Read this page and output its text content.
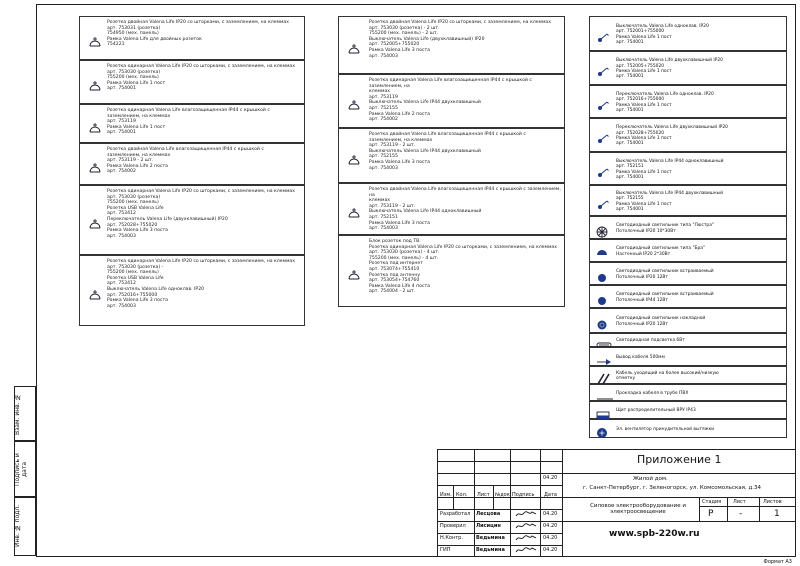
Взам. инв. №
Подпись и дата
Инв. № подл.
Розетка двойная Valena Life IP20 со шторками, с заземлением, на клеммах
арт. 753031 (розетка)
754950 (мех. панель)
Рамка Valena Life для двойных розеток
754221
Розетка одинарная Valena Life IP20 со шторками, с заземлением, на клеммах
арт. 753030 (розетка)
755200 (мех. панель)
Рамка Valena Life 1 пост
арт. 754001
Розетка одинарная Valena Life влагозащищенная IP44 с крышкой с
заземлением, на клеммах
арт. 753119
Рамка Valena Life 1 пост
арт. 754001
Розетка двойная Valena Life влагозащищенная IP44 с крышкой с
заземлением, на клеммах
арт. 753119 - 2 шт.
Рамка Valena Life 2 поста
арт. 754002
Розетка одинарная Valena Life IP20 со шторками, с заземлением, на клеммах
арт. 753030 (розетка)
755200 (мех. панель)
Розетка USB Valena Life
арт. 753412
Переключатель Valena Life (двухклавишный) IP20
арт. 752028+755020
Рамка Valena Life 3 поста
арт. 754003
Розетка одинарная Valena Life IP20 со шторками, с заземлением, на клеммах
арт. 753030 (розетка) -
755200 (мех. панель)
Розетка USB Valena Life
арт. 753412
Выключатель Valena Life одноклав. IP20
арт. 752016+755000
Рамка Valena Life 3 поста
арт. 754003
Розетка двойная Valena Life IP20 со шторками, с заземлением, на клеммах
арт. 753030 (розетка) - 2 шт.
755200 (мех. панель) - 2 шт.
Выключатель Valena Life (двухклавишный) IP20
арт. 752005+755020
Рамка Valena Life 3 поста
арт. 754003
Розетка одинарная Valena Life влагозащищенная IP44 с крышкой с заземлением, на
клеммах
арт. 753119
Выключатель Valena Life IP44 двухклавишный
арт. 752155
Рамка Valena Life 2 поста
арт. 754002
Розетка двойная Valena Life влагозащищенная IP44 с крышкой с
заземлением, на клеммах
арт. 753119 - 2 шт.
Выключатель Valena Life IP44 двухклавишный
арт. 752155
Рамка Valena Life 3 поста
арт. 754003
Розетка двойная Valena Life влагозащищенная IP44 с крышкой с заземлением, на
клеммах
арт. 753119 - 2 шт.
Выключатель Valena Life IP44 одноклавишный
арт. 752151
Рамка Valena Life 3 поста
арт. 754003
Блок розеток под ТВ.
Розетка одинарная Valena Life IP20 со шторками, с заземлением, на клеммах
арт. 753030 (розетка) - 4 шт.
755200 (мех. панель) - 4 шт.
Розетка под интернет
арт. 753074+755410
Розетка под антенну
арт. 753054+754760
Рамка Valena Life 4 поста
арт. 754004 - 2 шт.
Выключатель Valena Life одноклав. IP20
арт. 752001+755000
Рамка Valena Life 1 пост
арт. 754001
Выключатель Valena Life двухклавишный IP20
арт. 752005+755020
Рамка Valena Life 1 пост
арт. 754001
Переключатель Valena Life одноклав. IP20
арт. 752016+755000
Рамка Valena Life 1 пост
арт. 754001
Переключатель Valena Life двухклавишный IP20
арт. 752028+755020
Рамка Valena Life 1 пост
арт. 754001
Выключатель Valena Life IP44 одноклавишный
арт. 752151
Рамка Valena Life 1 пост
арт. 754001
Выключатель Valena Life IP44 двухклавишный
арт. 752155
Рамка Valena Life 1 пост
арт. 754001
Светодиодный светильник типа "Люстра"
Потолочный IP20 10*30Вт
Светодиодный светильник типа "Бра"
Настенный IP20 2*30Вт
Светодиодный светильник встраиваемый
Потолочный IP20 12Вт
Светодиодный светильник встраиваемый
Потолочный IP44 12Вт
Светодиодный светильник накладной
Потолочный IP20 12Вт
Светодиодная подсветка 6Вт
Вывод кабеля 500мм
Кабель уходящий на более высокий/низкую
отметку
Прокладка кабеля в трубе ПВХ
Щит распределительный ВРУ IP43
Эл. вентилятор принудительной вытяжки
Изм. Кол. Лист №док. Подпись Дата
04.20
Разработал Лесцова	04.20
Проверил Лисицин	04.20
Н.Контр.	Ведьмина	04.20
ГИП	Ведьмина	04.20
Приложение 1
Жилой дом.
г. Санкт-Петербург, г. Зеленогорск, ул. Комсомольская, д.34
Силовое электрооборудование и
электроосвещение
Стадия Лист	Листов
Р	-	1
www.spb-220w.ru
Формат А3
